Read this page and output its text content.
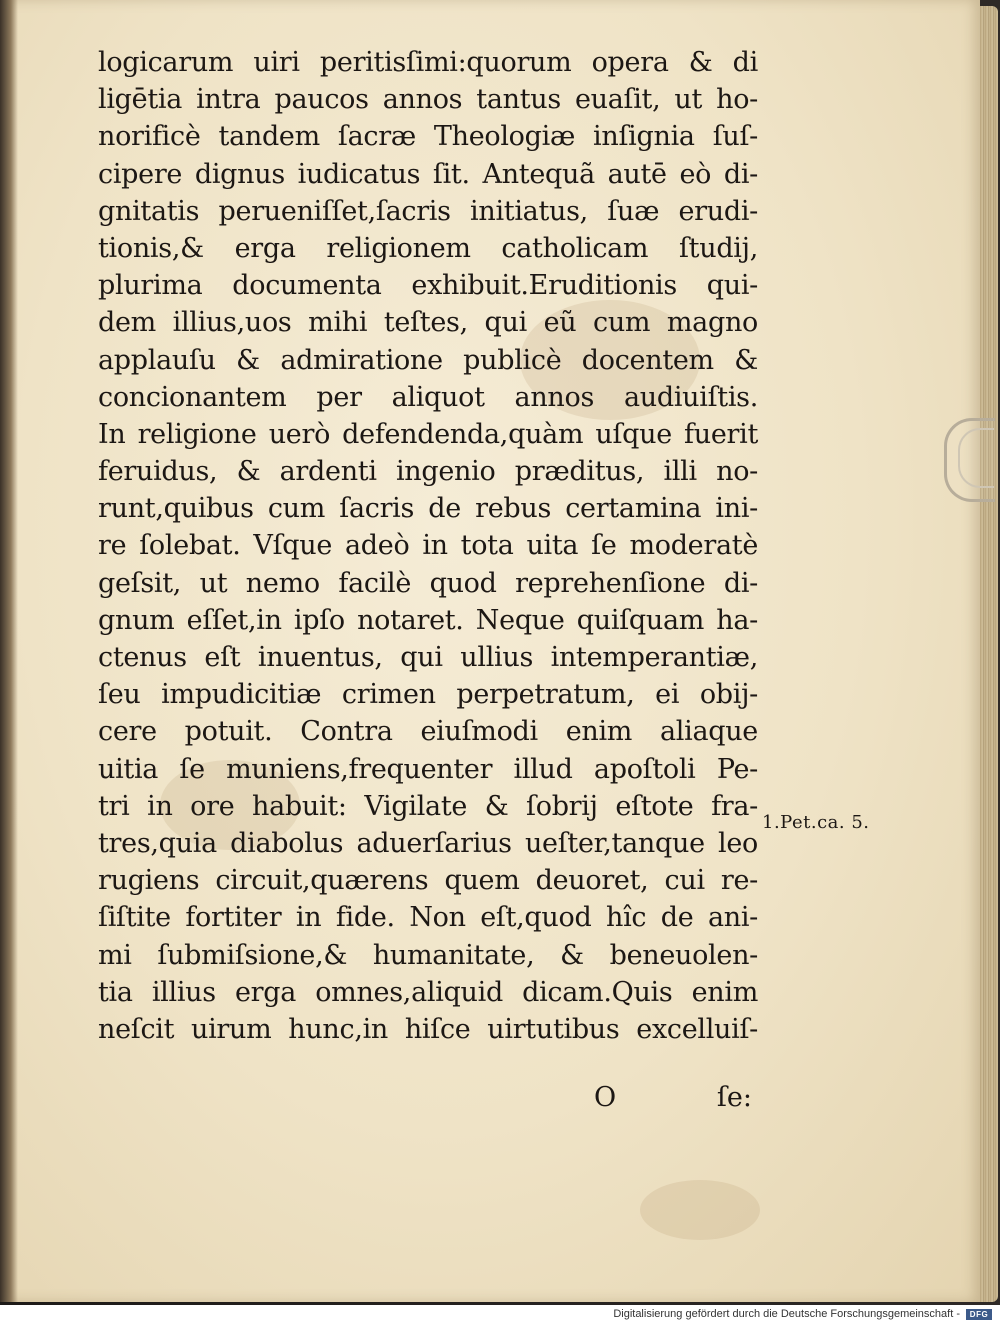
logicarum uiri peritisſimi:quorum opera & di
ligētia intra paucos annos tantus euaſit, ut ho-
norificè tandem ſacræ Theologiæ inſignia ſuſ-
cipere dignus iudicatus ſit. Antequã autē eò di-
gnitatis perueniſſet,ſacris initiatus, ſuæ erudi-
tionis,& erga religionem catholicam ſtudij,
plurima documenta exhibuit.Eruditionis qui-
dem illius,uos mihi teſtes, qui eũ cum magno
applauſu & admiratione publicè docentem &
concionantem per aliquot annos audiuiſtis.
In religione uerò defendenda,quàm uſque fuerit
feruidus, & ardenti ingenio præditus, illi no-
runt,quibus cum ſacris de rebus certamina ini-
re ſolebat. Vſque adeò in tota uita ſe moderatè
geſsit, ut nemo facilè quod reprehenſione di-
gnum eſſet,in ipſo notaret. Neque quiſquam ha-
ctenus eſt inuentus, qui ullius intemperantiæ,
ſeu impudicitiæ crimen perpetratum, ei obij-
cere potuit. Contra eiuſmodi enim aliaque
uitia ſe muniens,frequenter illud apoſtoli Pe-
tri in ore habuit: Vigilate & ſobrij eſtote fra-
tres,quia diabolus aduerſarius ueſter,tanque leo
rugiens circuit,quærens quem deuoret, cui re-
ſiſtite fortiter in fide. Non eſt,quod hîc de ani-
mi ſubmiſsione,& humanitate, & beneuolen-
tia illius erga omnes,aliquid dicam.Quis enim
neſcit uirum hunc,in hiſce uirtutibus excelluiſ-
1.Pet.ca. 5.
O	ſe:
Digitalisierung gefördert durch die Deutsche Forschungsgemeinschaft -	DFG
